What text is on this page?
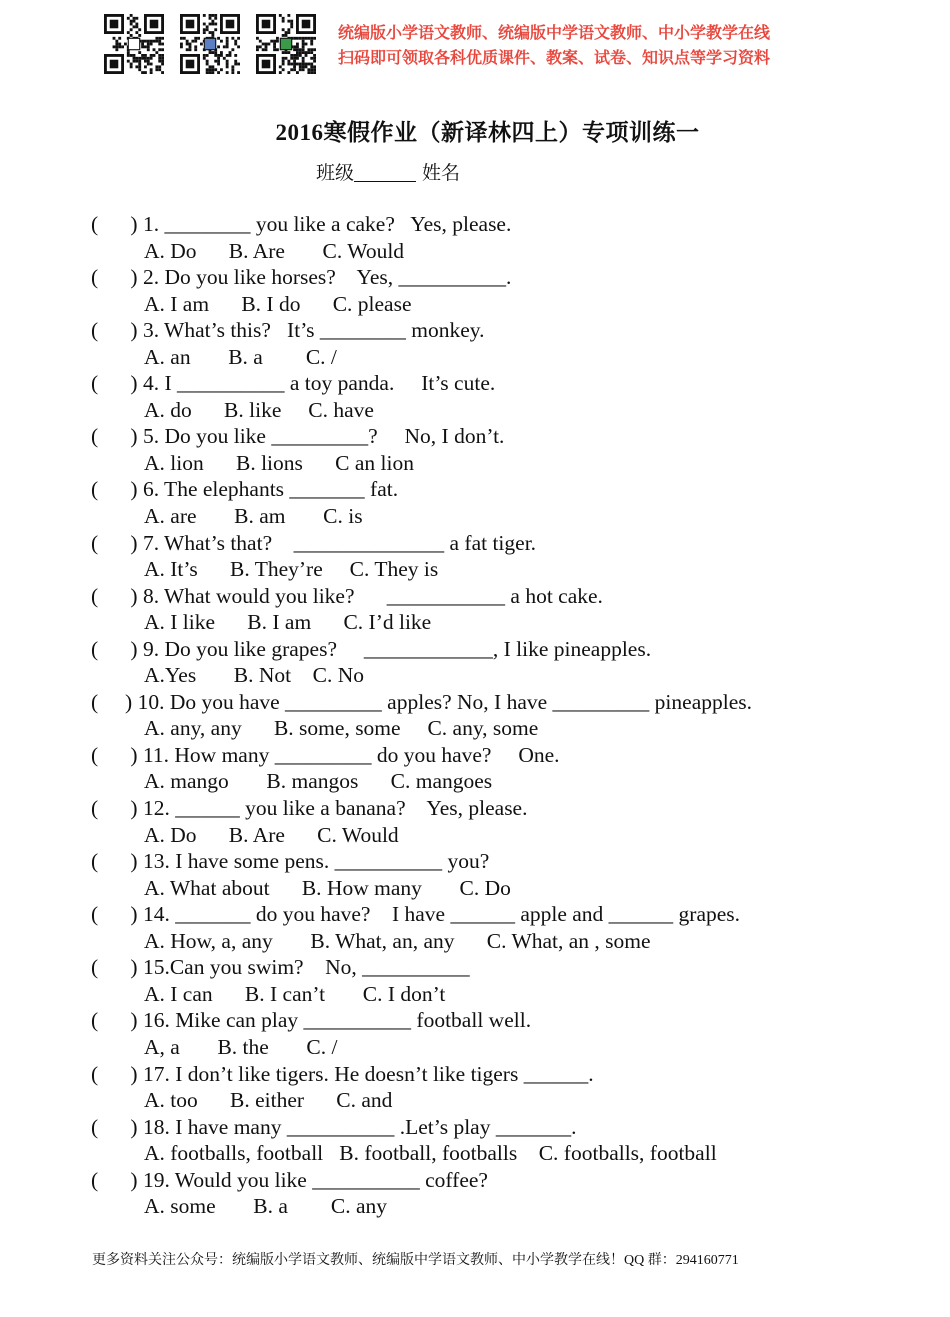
统编版小学语文教师、统编版中学语文教师、中小学教学在线
扫码即可领取各科优质课件、教案、试卷、知识点等学习资料
2016寒假作业（新译林四上）专项训练一
班级	姓名
(      ) 1. ________ you like a cake?   Yes, please.
A. Do      B. Are       C. Would
(      ) 2. Do you like horses?    Yes, __________.
A. I am      B. I do      C. please
(      ) 3. What’s this?   It’s ________ monkey.
A. an       B. a        C. /
(      ) 4. I __________ a toy panda.     It’s cute.
A. do      B. like     C. have
(      ) 5. Do you like _________?     No, I don’t.
A. lion      B. lions      C an lion
(      ) 6. The elephants _______ fat.
A. are       B. am       C. is
(      ) 7. What’s that?    ______________ a fat tiger.
A. It’s      B. They’re     C. They is
(      ) 8. What would you like?      ___________ a hot cake.
A. I like      B. I am      C. I’d like
(      ) 9. Do you like grapes?     ____________, I like pineapples.
A.Yes       B. Not    C. No
(     ) 10. Do you have _________ apples? No, I have _________ pineapples.
A. any, any      B. some, some     C. any, some
(      ) 11. How many _________ do you have?     One.
A. mango       B. mangos      C. mangoes
(      ) 12. ______ you like a banana?    Yes, please.
A. Do      B. Are      C. Would
(      ) 13. I have some pens. __________ you?
A. What about      B. How many       C. Do
(      ) 14. _______ do you have?    I have ______ apple and ______ grapes.
A. How, a, any       B. What, an, any      C. What, an , some
(      ) 15.Can you swim?    No, __________
A. I can      B. I can’t       C. I don’t
(      ) 16. Mike can play __________ football well.
A, a       B. the       C. /
(      ) 17. I don’t like tigers. He doesn’t like tigers ______.
A. too      B. either      C. and
(      ) 18. I have many __________ .Let’s play _______.
A. footballs, football   B. football, footballs    C. footballs, football
(      ) 19. Would you like __________ coffee?
A. some       B. a        C. any
更多资料关注公众号：统编版小学语文教师、统编版中学语文教师、中小学教学在线！QQ 群：294160771
